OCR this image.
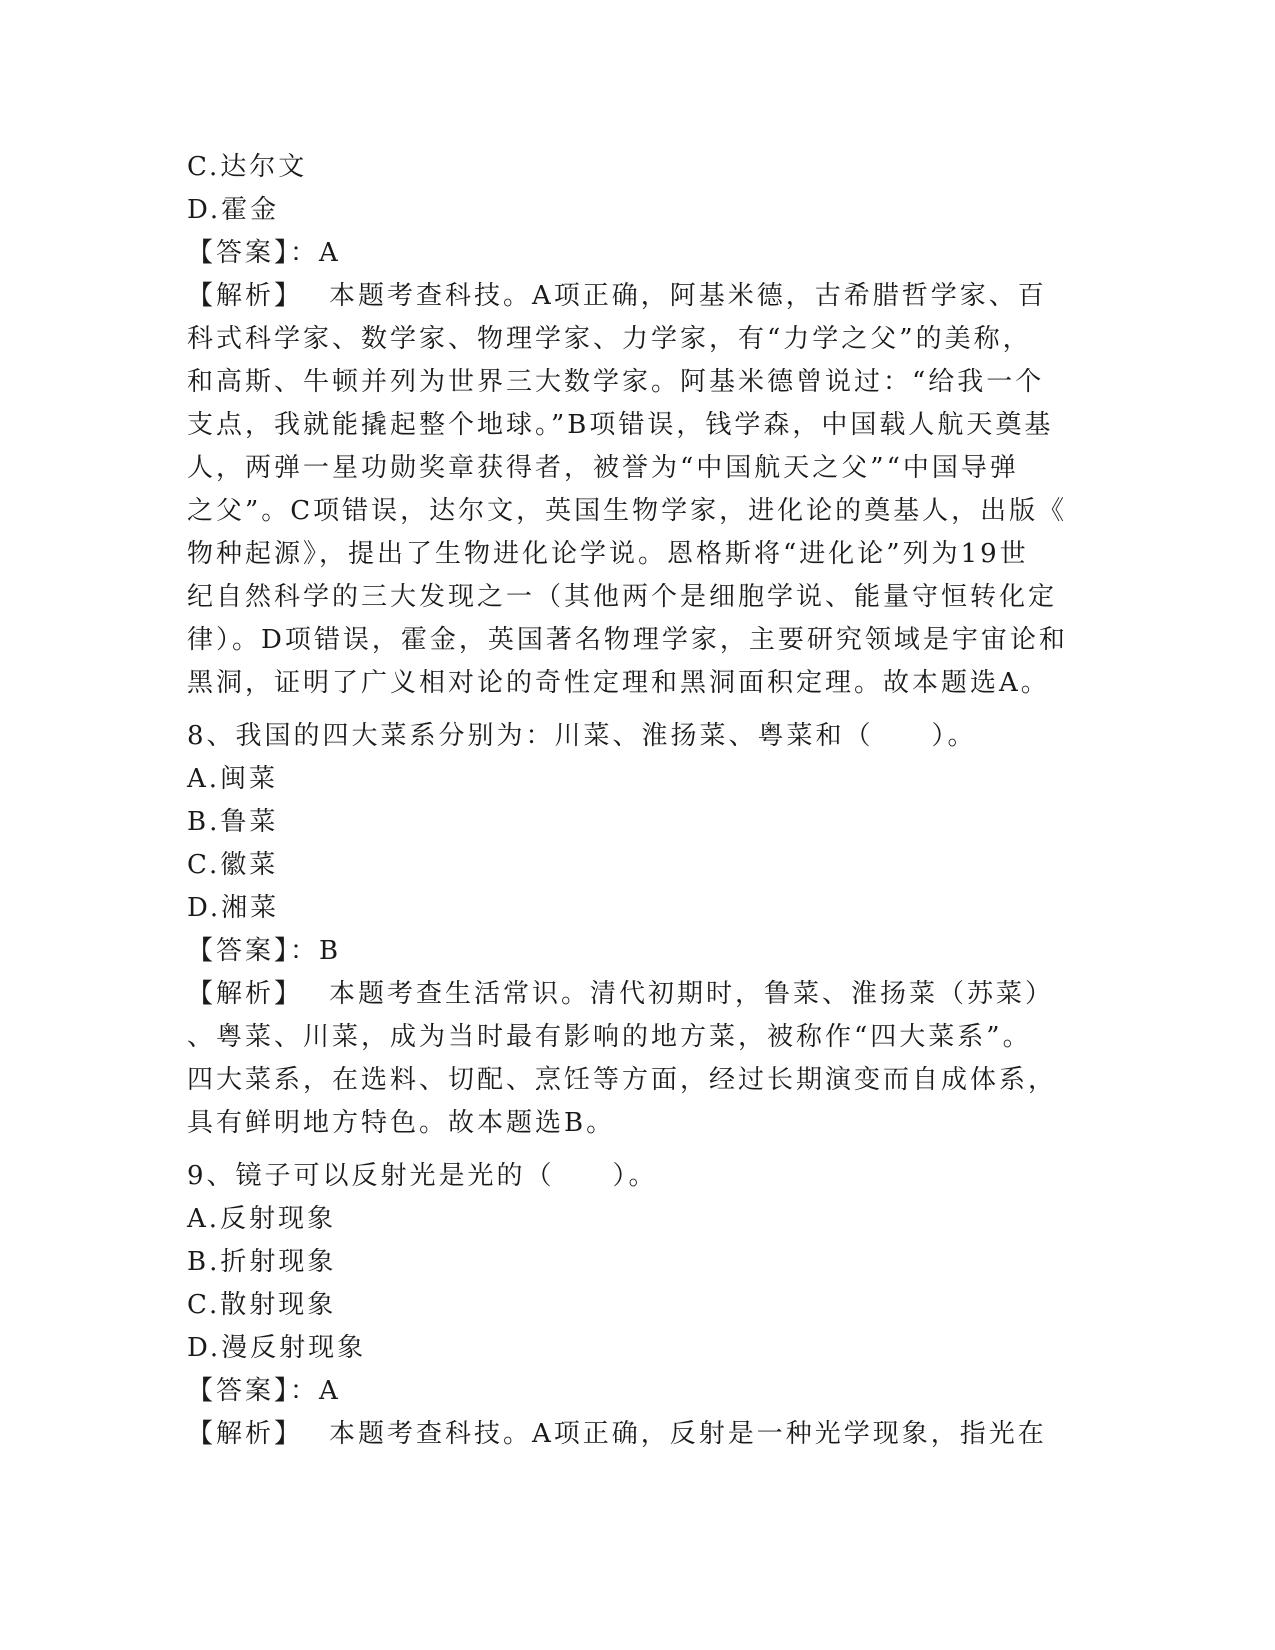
C.达尔文
D.霍金
【答案】：A
【解析】 本题考查科技。A项正确，阿基米德，古希腊哲学家、百
科式科学家、数学家、物理学家、力学家，有“力学之父”的美称，
和高斯、牛顿并列为世界三大数学家。阿基米德曾说过：“给我一个
支点，我就能撬起整个地球。”B项错误，钱学森，中国载人航天奠基
人，两弹一星功勋奖章获得者，被誉为“中国航天之父”“中国导弹
之父”。C项错误，达尔文，英国生物学家，进化论的奠基人，出版《
物种起源》，提出了生物进化论学说。恩格斯将“进化论”列为19世
纪自然科学的三大发现之一（其他两个是细胞学说、能量守恒转化定
律）。D项错误，霍金，英国著名物理学家，主要研究领域是宇宙论和
黑洞，证明了广义相对论的奇性定理和黑洞面积定理。故本题选A。
8、我国的四大菜系分别为：川菜、淮扬菜、粤菜和（　　）。
A.闽菜
B.鲁菜
C.徽菜
D.湘菜
【答案】：B
【解析】 本题考查生活常识。清代初期时，鲁菜、淮扬菜（苏菜）
、粤菜、川菜，成为当时最有影响的地方菜，被称作“四大菜系”。
四大菜系，在选料、切配、烹饪等方面，经过长期演变而自成体系，
具有鲜明地方特色。故本题选B。
9、镜子可以反射光是光的（　　）。
A.反射现象
B.折射现象
C.散射现象
D.漫反射现象
【答案】：A
【解析】 本题考查科技。A项正确，反射是一种光学现象，指光在
